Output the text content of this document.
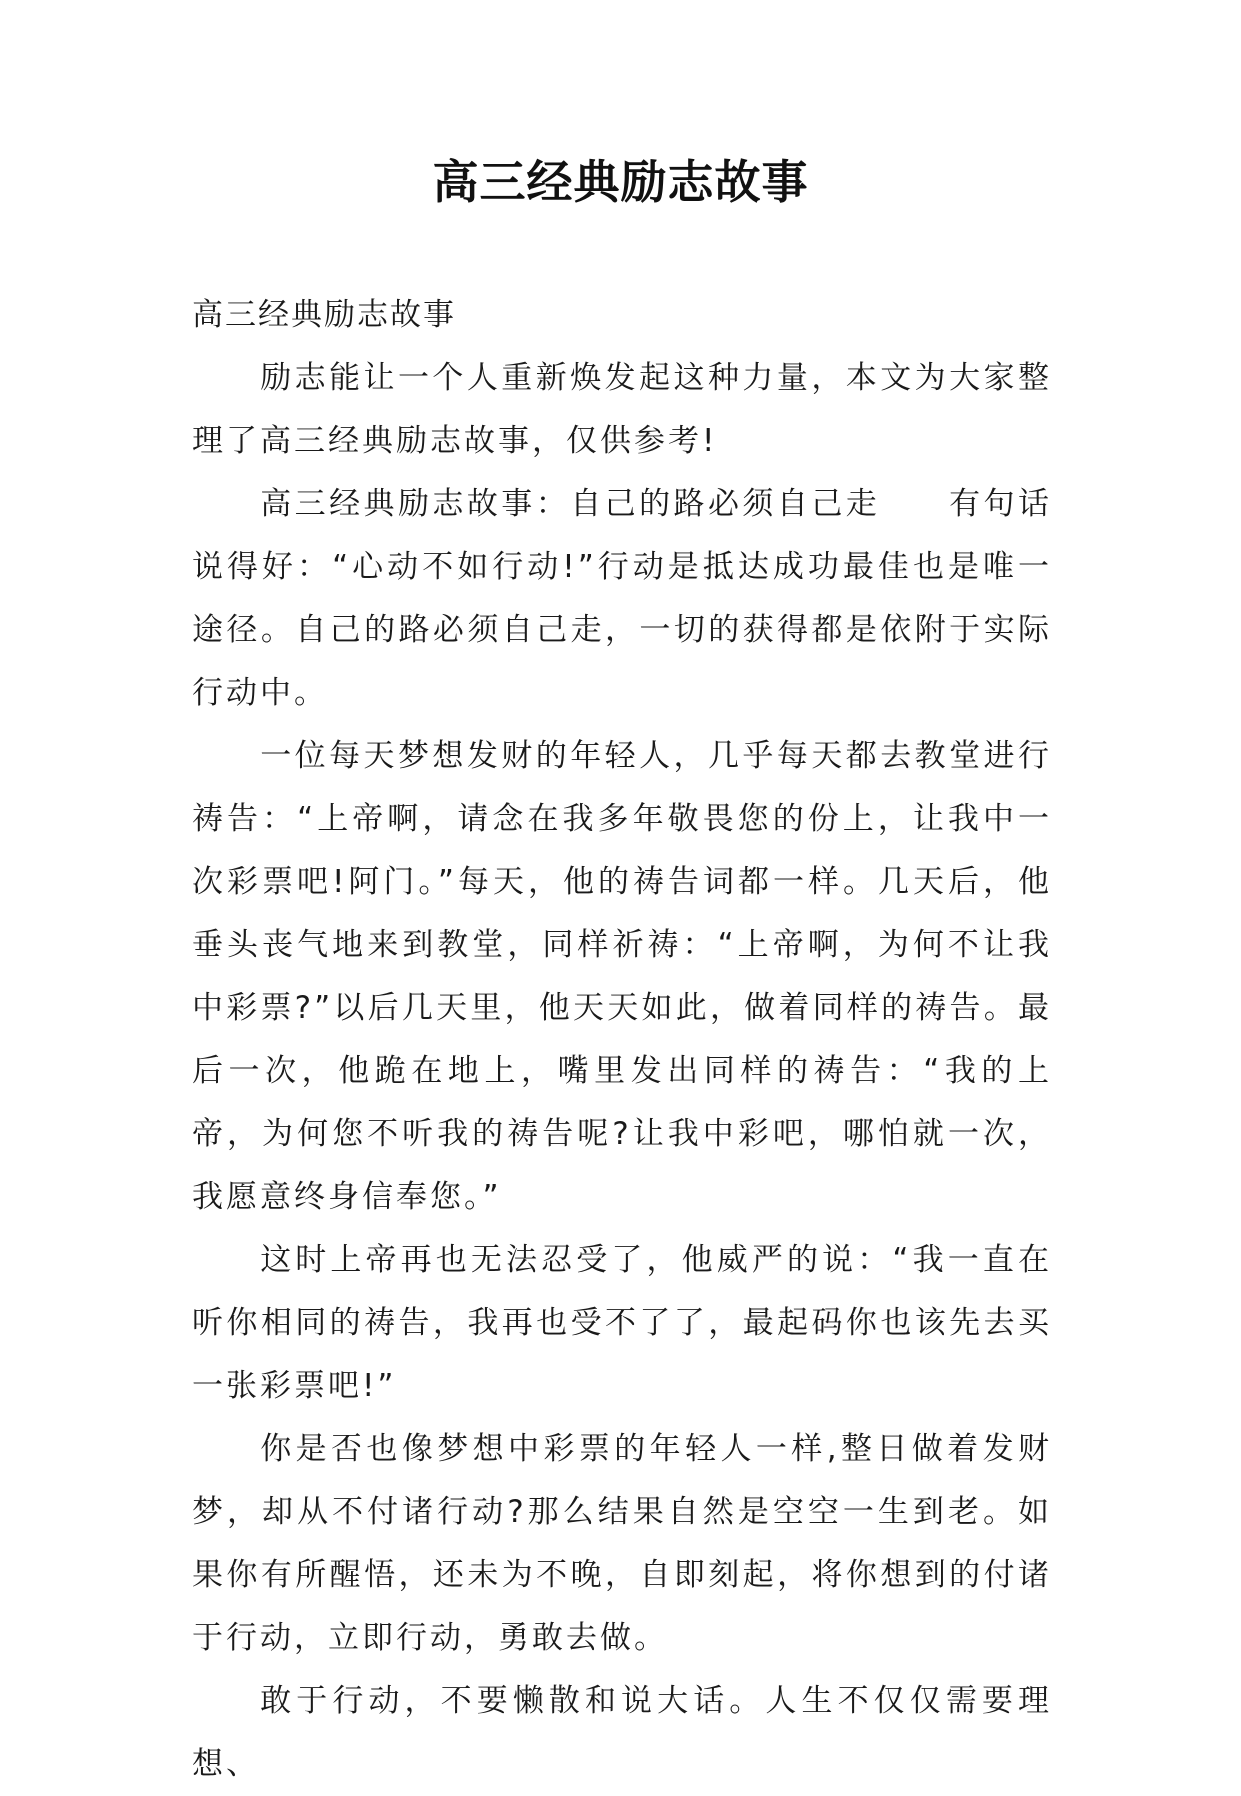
高三经典励志故事

高三经典励志故事

励志能让一个人重新焕发起这种力量，本文为大家整理了高三经典励志故事，仅供参考!

高三经典励志故事：自己的路必须自己走　　有句话说得好：“心动不如行动!”行动是抵达成功最佳也是唯一途径。自己的路必须自己走，一切的获得都是依附于实际行动中。

一位每天梦想发财的年轻人，几乎每天都去教堂进行祷告：“上帝啊，请念在我多年敬畏您的份上，让我中一次彩票吧!阿门。”每天，他的祷告词都一样。几天后，他垂头丧气地来到教堂，同样祈祷：“上帝啊，为何不让我中彩票?”以后几天里，他天天如此，做着同样的祷告。最后一次，他跪在地上，嘴里发出同样的祷告：“我的上帝，为何您不听我的祷告呢?让我中彩吧，哪怕就一次，我愿意终身信奉您。”

这时上帝再也无法忍受了，他威严的说：“我一直在听你相同的祷告，我再也受不了了，最起码你也该先去买一张彩票吧!”

你是否也像梦想中彩票的年轻人一样,整日做着发财梦，却从不付诸行动?那么结果自然是空空一生到老。如果你有所醒悟，还未为不晚，自即刻起，将你想到的付诸于行动，立即行动，勇敢去做。

敢于行动，不要懒散和说大话。人生不仅仅需要理想、
